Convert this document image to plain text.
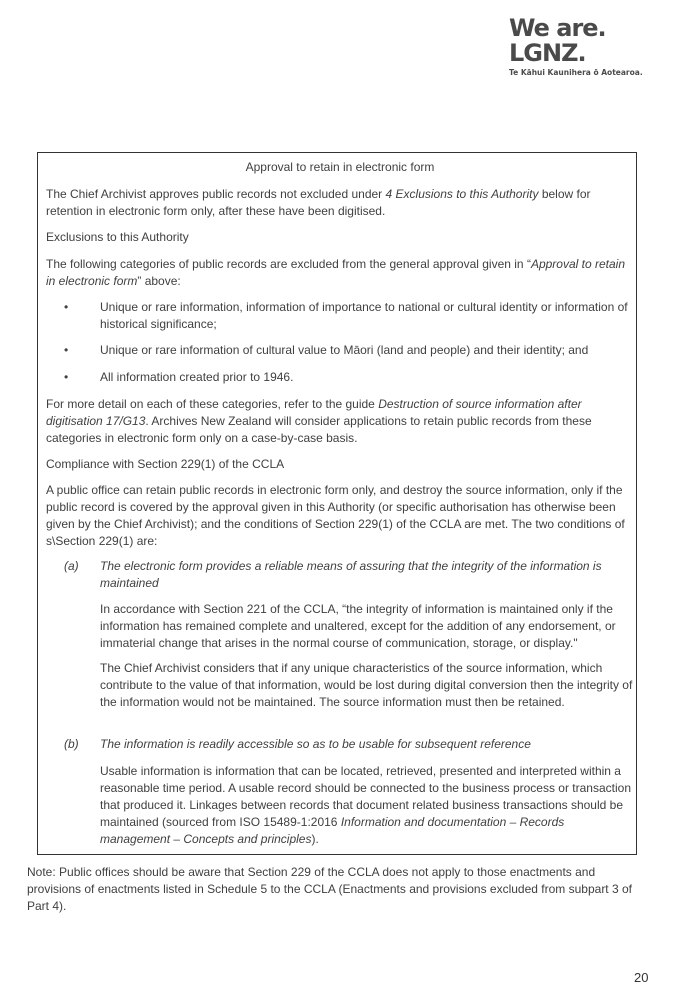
We are.
LGNZ.
Te Kāhui Kaunihera ō Aotearoa.

Approval to retain in electronic form

The Chief Archivist approves public records not excluded under 4 Exclusions to this Authority below for retention in electronic form only, after these have been digitised.

Exclusions to this Authority

The following categories of public records are excluded from the general approval given in “Approval to retain in electronic form” above:

•	Unique or rare information, information of importance to national or cultural identity or information of historical significance;

•	Unique or rare information of cultural value to Māori (land and people) and their identity; and

•	All information created prior to 1946.

For more detail on each of these categories, refer to the guide Destruction of source information after digitisation 17/G13. Archives New Zealand will consider applications to retain public records from these categories in electronic form only on a case-by-case basis.

Compliance with Section 229(1) of the CCLA

A public office can retain public records in electronic form only, and destroy the source information, only if the public record is covered by the approval given in this Authority (or specific authorisation has otherwise been given by the Chief Archivist); and the conditions of Section 229(1) of the CCLA are met. The two conditions of s\Section 229(1) are:

(a) The electronic form provides a reliable means of assuring that the integrity of the information is maintained

In accordance with Section 221 of the CCLA, “the integrity of information is maintained only if the information has remained complete and unaltered, except for the addition of any endorsement, or immaterial change that arises in the normal course of communication, storage, or display."

The Chief Archivist considers that if any unique characteristics of the source information, which contribute to the value of that information, would be lost during digital conversion then the integrity of the information would not be maintained. The source information must then be retained.

(b) The information is readily accessible so as to be usable for subsequent reference

Usable information is information that can be located, retrieved, presented and interpreted within a reasonable time period. A usable record should be connected to the business process or transaction that produced it. Linkages between records that document related business transactions should be maintained (sourced from ISO 15489-1:2016 Information and documentation – Records management – Concepts and principles).

Note: Public offices should be aware that Section 229 of the CCLA does not apply to those enactments and provisions of enactments listed in Schedule 5 to the CCLA (Enactments and provisions excluded from subpart 3 of Part 4).

20
